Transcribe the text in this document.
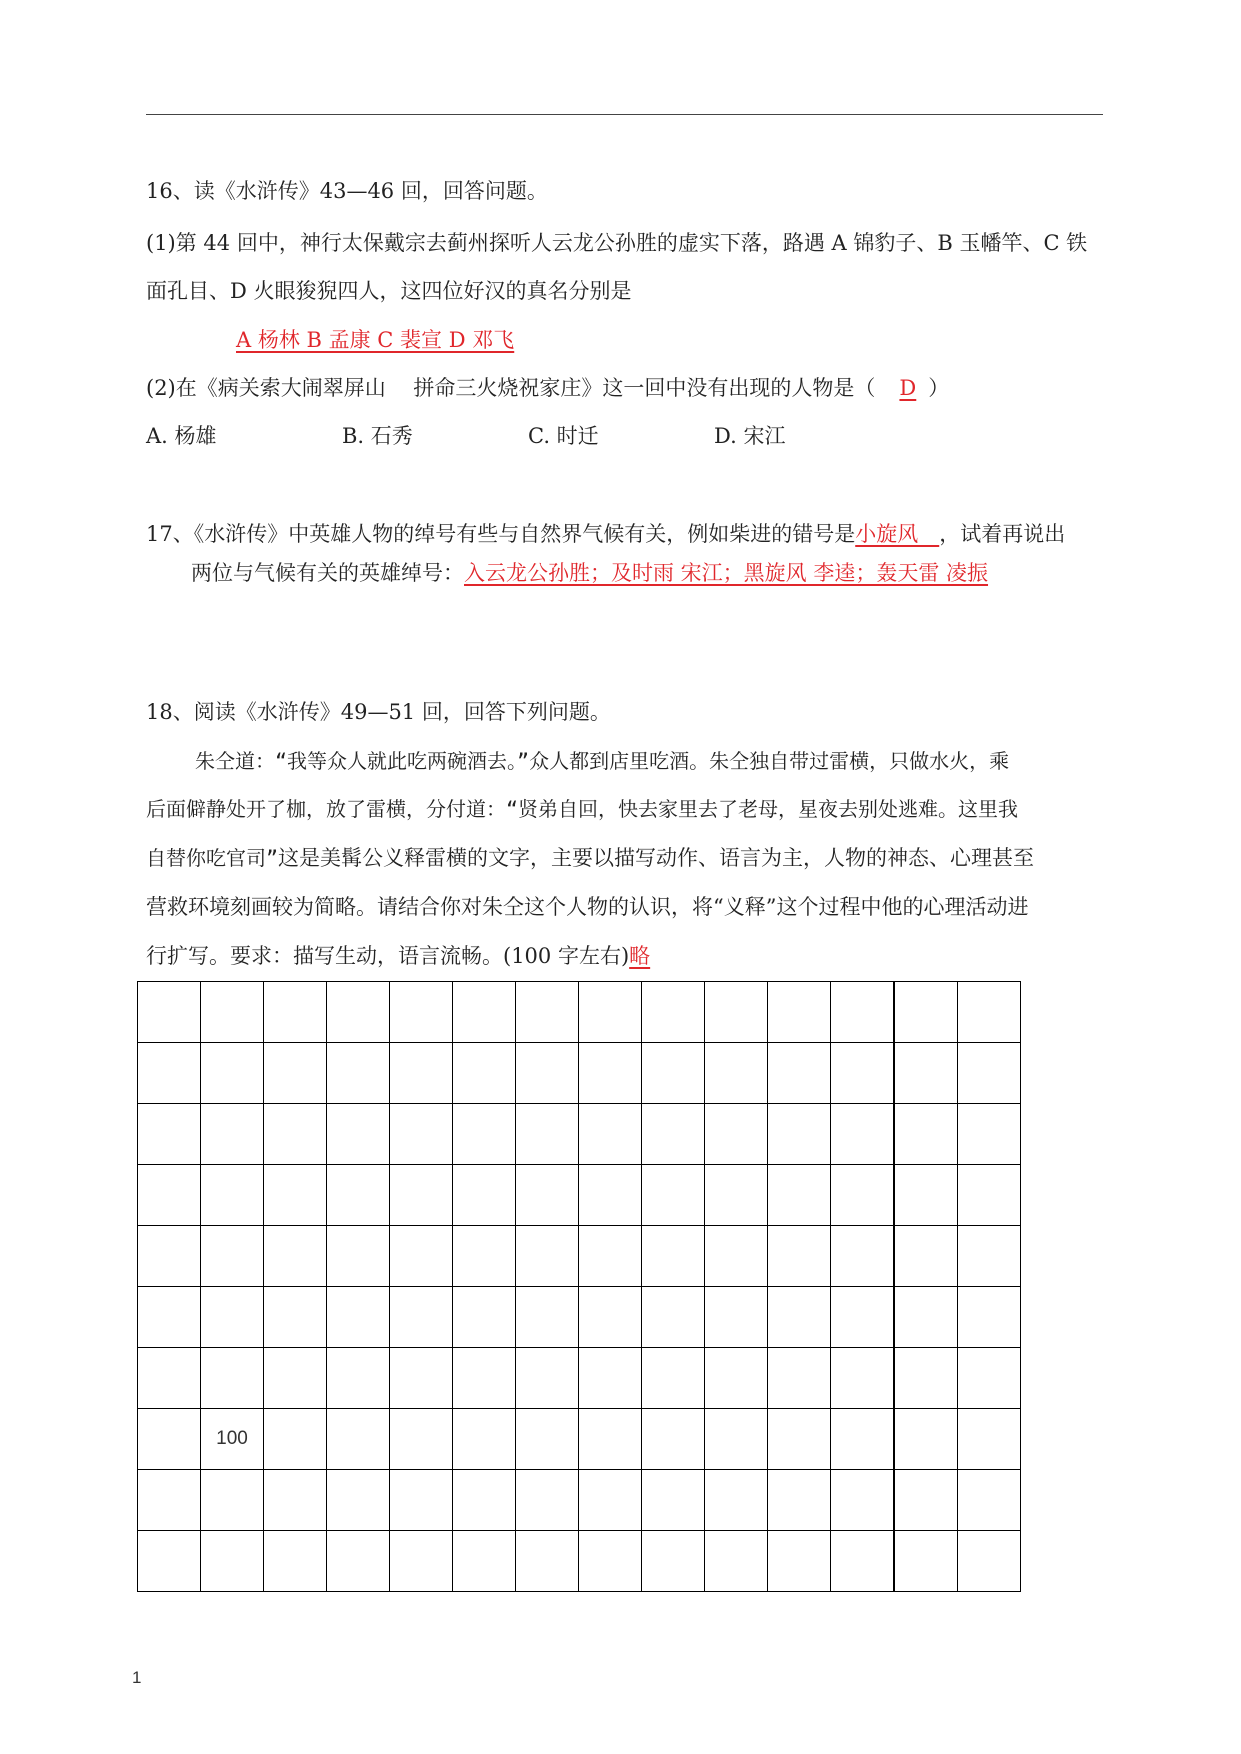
16、读《水浒传》43—46 回，回答问题。
(1)第 44 回中，神行太保戴宗去蓟州探听人云龙公孙胜的虚实下落，路遇 A 锦豹子、B 玉幡竿、C 铁
面孔目、D 火眼狻猊四人，这四位好汉的真名分别是
A 杨林 B 孟康 C 裴宣 D 邓飞
(2)在《病关索大闹翠屏山　 拼命三火烧祝家庄》这一回中没有出现的人物是（ D ）
A. 杨雄	B. 石秀	C. 时迁	D. 宋江
17、《水浒传》中英雄人物的绰号有些与自然界气候有关，例如柴进的错号是小旋风　，试着再说出
两位与气候有关的英雄绰号：入云龙公孙胜；及时雨 宋江；黑旋风 李逵；轰天雷 凌振
18、阅读《水浒传》49—51 回，回答下列问题。
朱仝道：“我等众人就此吃两碗酒去。”众人都到店里吃酒。朱仝独自带过雷横，只做水火，乘
后面僻静处开了枷，放了雷横，分付道：“贤弟自回，快去家里去了老母，星夜去别处逃难。这里我
自替你吃官司”这是美髯公义释雷横的文字，主要以描写动作、语言为主，人物的神态、心理甚至
营救环境刻画较为简略。请结合你对朱仝这个人物的认识，将“义释”这个过程中他的心理活动进
行扩写。要求：描写生动，语言流畅。(100 字左右)略

	100												

1
